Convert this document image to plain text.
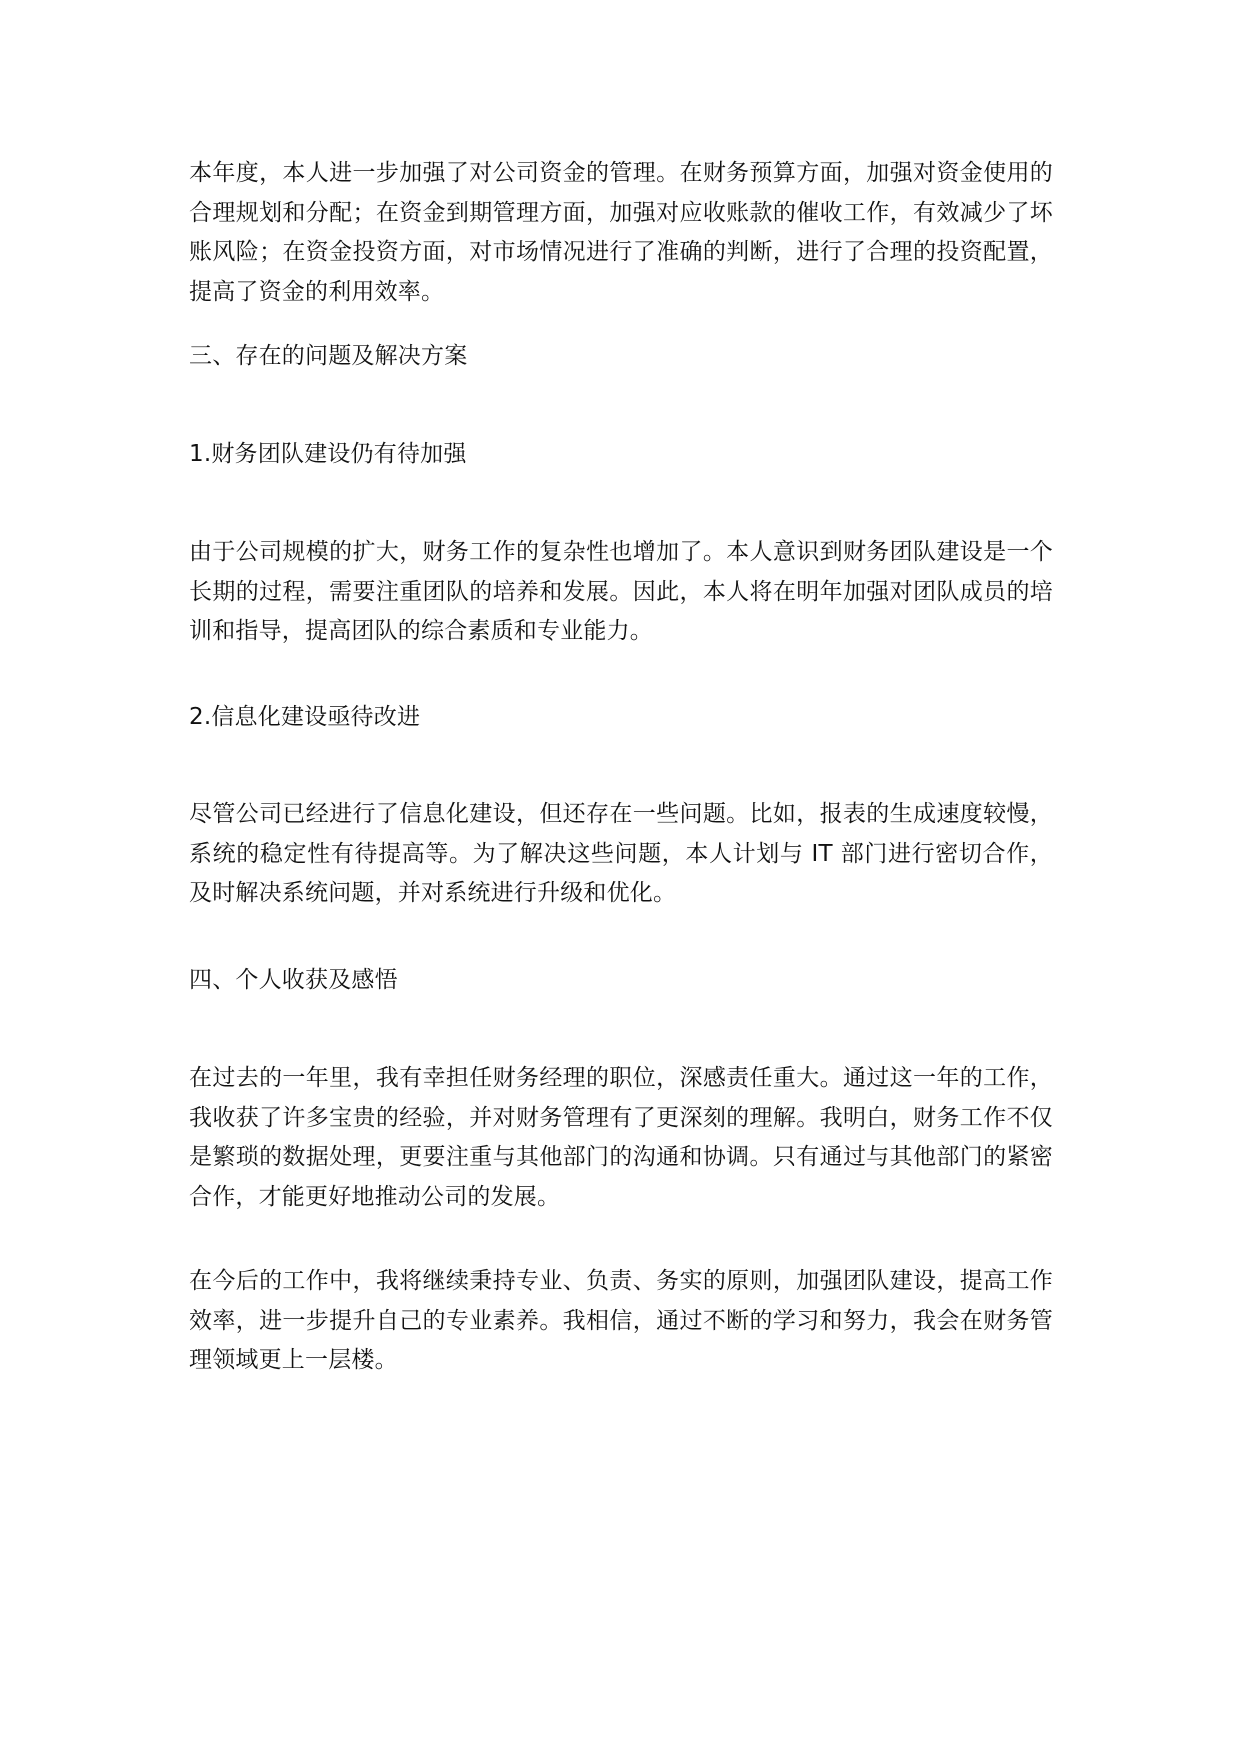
本年度，本人进一步加强了对公司资金的管理。在财务预算方面，加强对资金使用的合理规划和分配；在资金到期管理方面，加强对应收账款的催收工作，有效减少了坏账风险；在资金投资方面，对市场情况进行了准确的判断，进行了合理的投资配置，提高了资金的利用效率。

三、存在的问题及解决方案

1.财务团队建设仍有待加强

由于公司规模的扩大，财务工作的复杂性也增加了。本人意识到财务团队建设是一个长期的过程，需要注重团队的培养和发展。因此，本人将在明年加强对团队成员的培训和指导，提高团队的综合素质和专业能力。

2.信息化建设亟待改进

尽管公司已经进行了信息化建设，但还存在一些问题。比如，报表的生成速度较慢，系统的稳定性有待提高等。为了解决这些问题，本人计划与 IT 部门进行密切合作，及时解决系统问题，并对系统进行升级和优化。

四、个人收获及感悟

在过去的一年里，我有幸担任财务经理的职位，深感责任重大。通过这一年的工作，我收获了许多宝贵的经验，并对财务管理有了更深刻的理解。我明白，财务工作不仅是繁琐的数据处理，更要注重与其他部门的沟通和协调。只有通过与其他部门的紧密合作，才能更好地推动公司的发展。

在今后的工作中，我将继续秉持专业、负责、务实的原则，加强团队建设，提高工作效率，进一步提升自己的专业素养。我相信，通过不断的学习和努力，我会在财务管理领域更上一层楼。
